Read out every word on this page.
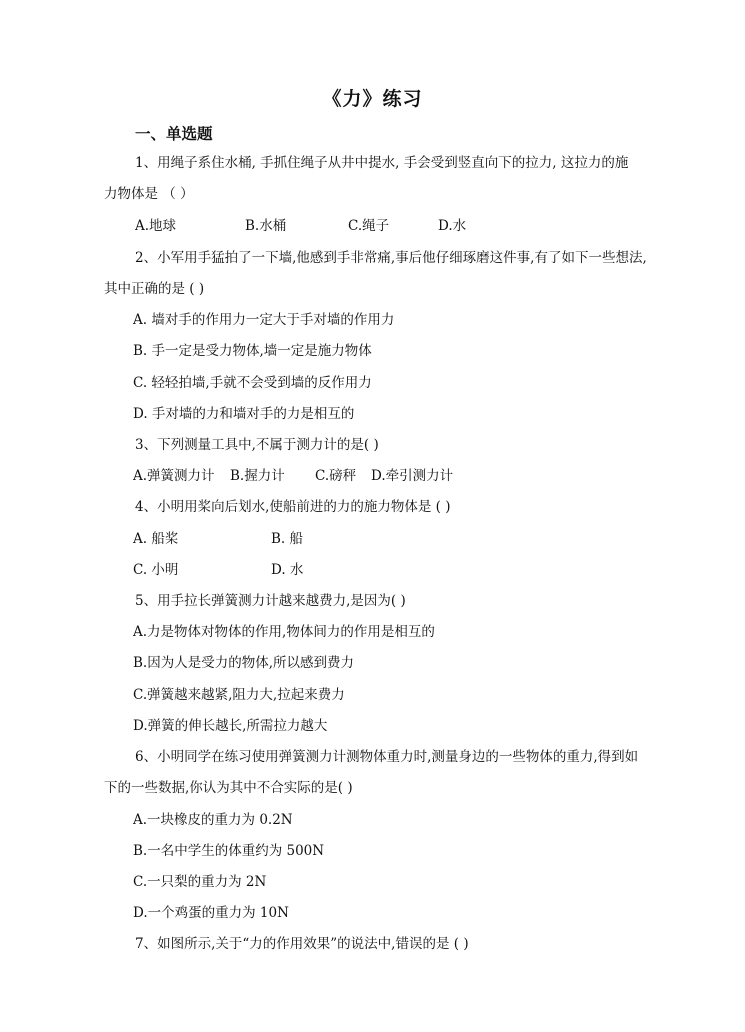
《力》练习
一、单选题
1、用绳子系住水桶, 手抓住绳子从井中提水, 手会受到竖直向下的拉力, 这拉力的施
力物体是 （ ）
A.地球	B.水桶	C.绳子	D.水
2、小军用手猛拍了一下墙,他感到手非常痛,事后他仔细琢磨这件事,有了如下一些想法,
其中正确的是 ( )
A. 墙对手的作用力一定大于手对墙的作用力
B. 手一定是受力物体,墙一定是施力物体
C. 轻轻拍墙,手就不会受到墙的反作用力
D. 手对墙的力和墙对手的力是相互的
3、下列测量工具中,不属于测力计的是( )
A.弹簧测力计 B.握力计 C.磅秤 D.牵引测力计
4、小明用桨向后划水,使船前进的力的施力物体是 ( )
A. 船桨	B. 船
C. 小明	D. 水
5、用手拉长弹簧测力计越来越费力,是因为( )
A.力是物体对物体的作用,物体间力的作用是相互的
B.因为人是受力的物体,所以感到费力
C.弹簧越来越紧,阻力大,拉起来费力
D.弹簧的伸长越长,所需拉力越大
6、小明同学在练习使用弹簧测力计测物体重力时,测量身边的一些物体的重力,得到如
下的一些数据,你认为其中不合实际的是( )
A.一块橡皮的重力为 0.2N
B.一名中学生的体重约为 500N
C.一只梨的重力为 2N
D.一个鸡蛋的重力为 10N
7、如图所示,关于“力的作用效果”的说法中,错误的是 ( )
